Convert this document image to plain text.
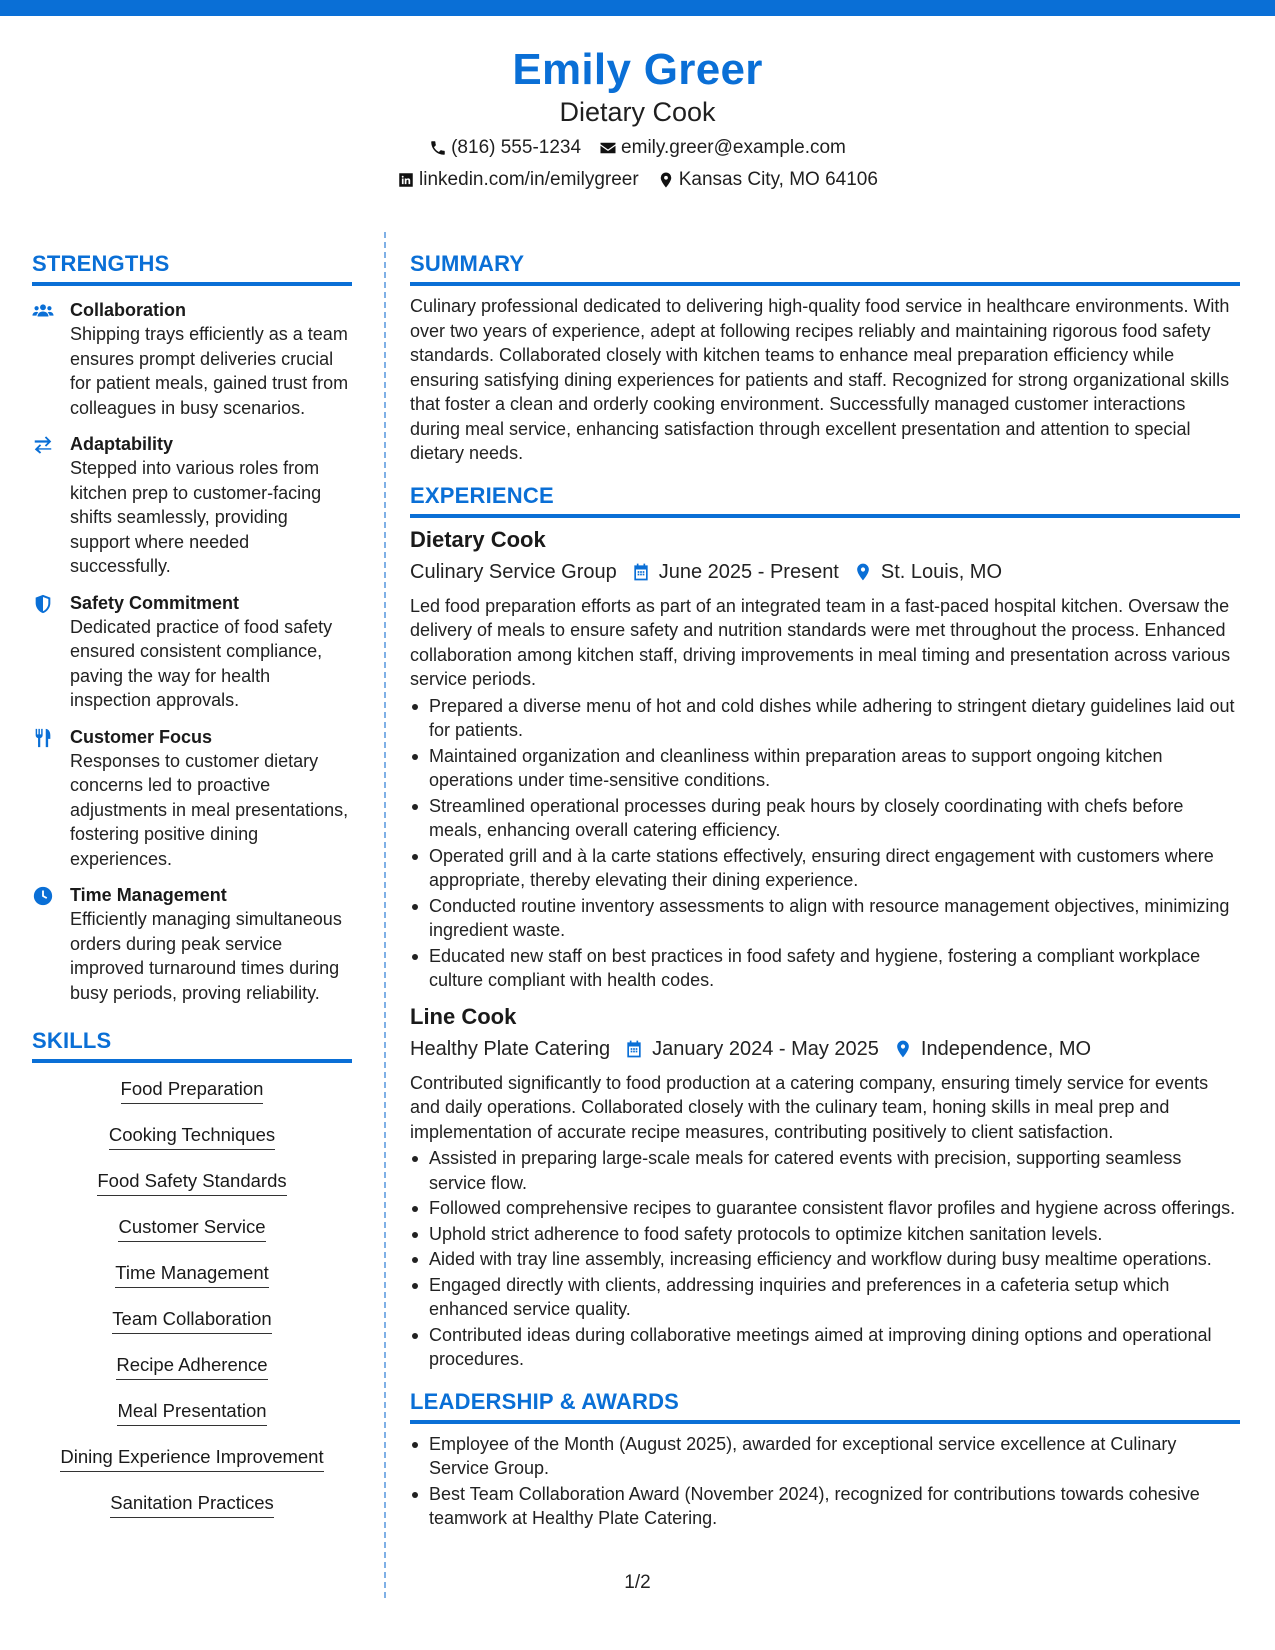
Emily Greer
Dietary Cook
(816) 555-1234 emily.greer@example.com
linkedin.com/in/emilygreer Kansas City, MO 64106
STRENGTHS
Collaboration
Shipping trays efficiently as a team ensures prompt deliveries crucial for patient meals, gained trust from colleagues in busy scenarios.
Adaptability
Stepped into various roles from kitchen prep to customer-facing shifts seamlessly, providing support where needed successfully.
Safety Commitment
Dedicated practice of food safety ensured consistent compliance, paving the way for health inspection approvals.
Customer Focus
Responses to customer dietary concerns led to proactive adjustments in meal presentations, fostering positive dining experiences.
Time Management
Efficiently managing simultaneous orders during peak service improved turnaround times during busy periods, proving reliability.
SKILLS
Food Preparation
Cooking Techniques
Food Safety Standards
Customer Service
Time Management
Team Collaboration
Recipe Adherence
Meal Presentation
Dining Experience Improvement
Sanitation Practices
SUMMARY

Culinary professional dedicated to delivering high-quality food service in healthcare environments. With over two years of experience, adept at following recipes reliably and maintaining rigorous food safety standards. Collaborated closely with kitchen teams to enhance meal preparation efficiency while ensuring satisfying dining experiences for patients and staff. Recognized for strong organizational skills that foster a clean and orderly cooking environment. Successfully managed customer interactions during meal service, enhancing satisfaction through excellent presentation and attention to special dietary needs.

EXPERIENCE
Dietary Cook
Culinary Service Group June 2025 - Present St. Louis, MO

Led food preparation efforts as part of an integrated team in a fast-paced hospital kitchen. Oversaw the delivery of meals to ensure safety and nutrition standards were met throughout the process. Enhanced collaboration among kitchen staff, driving improvements in meal timing and presentation across various service periods.

Prepared a diverse menu of hot and cold dishes while adhering to stringent dietary guidelines laid out for patients.
Maintained organization and cleanliness within preparation areas to support ongoing kitchen operations under time-sensitive conditions.
Streamlined operational processes during peak hours by closely coordinating with chefs before meals, enhancing overall catering efficiency.
Operated grill and à la carte stations effectively, ensuring direct engagement with customers where appropriate, thereby elevating their dining experience.
Conducted routine inventory assessments to align with resource management objectives, minimizing ingredient waste.
Educated new staff on best practices in food safety and hygiene, fostering a compliant workplace culture compliant with health codes.
Line Cook
Healthy Plate Catering January 2024 - May 2025 Independence, MO

Contributed significantly to food production at a catering company, ensuring timely service for events and daily operations. Collaborated closely with the culinary team, honing skills in meal prep and implementation of accurate recipe measures, contributing positively to client satisfaction.

Assisted in preparing large-scale meals for catered events with precision, supporting seamless service flow.
Followed comprehensive recipes to guarantee consistent flavor profiles and hygiene across offerings.
Uphold strict adherence to food safety protocols to optimize kitchen sanitation levels.
Aided with tray line assembly, increasing efficiency and workflow during busy mealtime operations.
Engaged directly with clients, addressing inquiries and preferences in a cafeteria setup which enhanced service quality.
Contributed ideas during collaborative meetings aimed at improving dining options and operational procedures.
LEADERSHIP & AWARDS
Employee of the Month (August 2025), awarded for exceptional service excellence at Culinary Service Group.
Best Team Collaboration Award (November 2024), recognized for contributions towards cohesive teamwork at Healthy Plate Catering.
1/2
